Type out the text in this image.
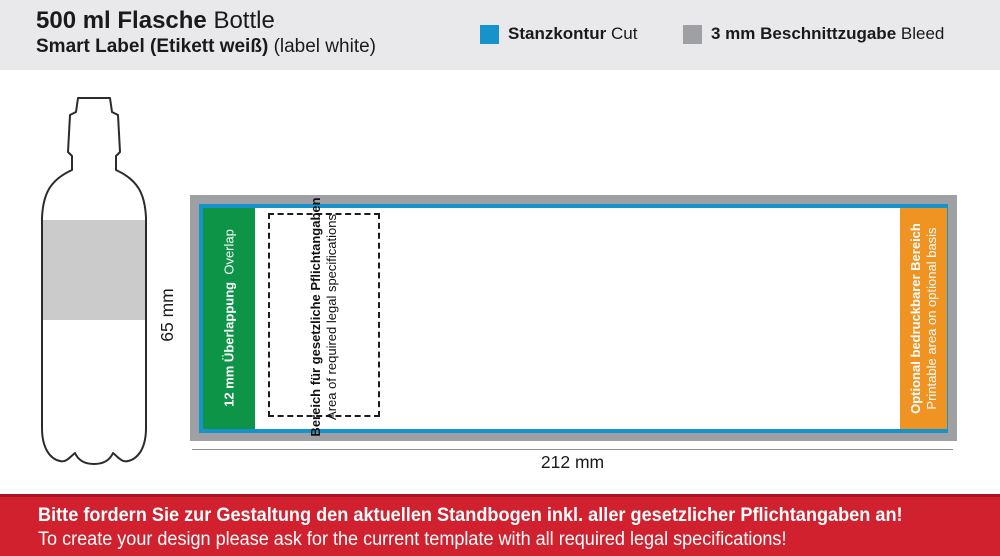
500 ml Flasche Bottle
Smart Label (Etikett weiß) (label white)
Stanzkontur Cut	3 mm Beschnittzugabe Bleed
12 mm Überlappung  Overlap	Bereich für gesetzliche Pflichtangaben Area of required legal specifications	Optional bedruckbarer Bereich Printable area on optional basis
65 mm
212 mm
Bitte fordern Sie zur Gestaltung den aktuellen Standbogen inkl. aller gesetzlicher Pflichtangaben an!
To create your design please ask for the current template with all required legal specifications!
